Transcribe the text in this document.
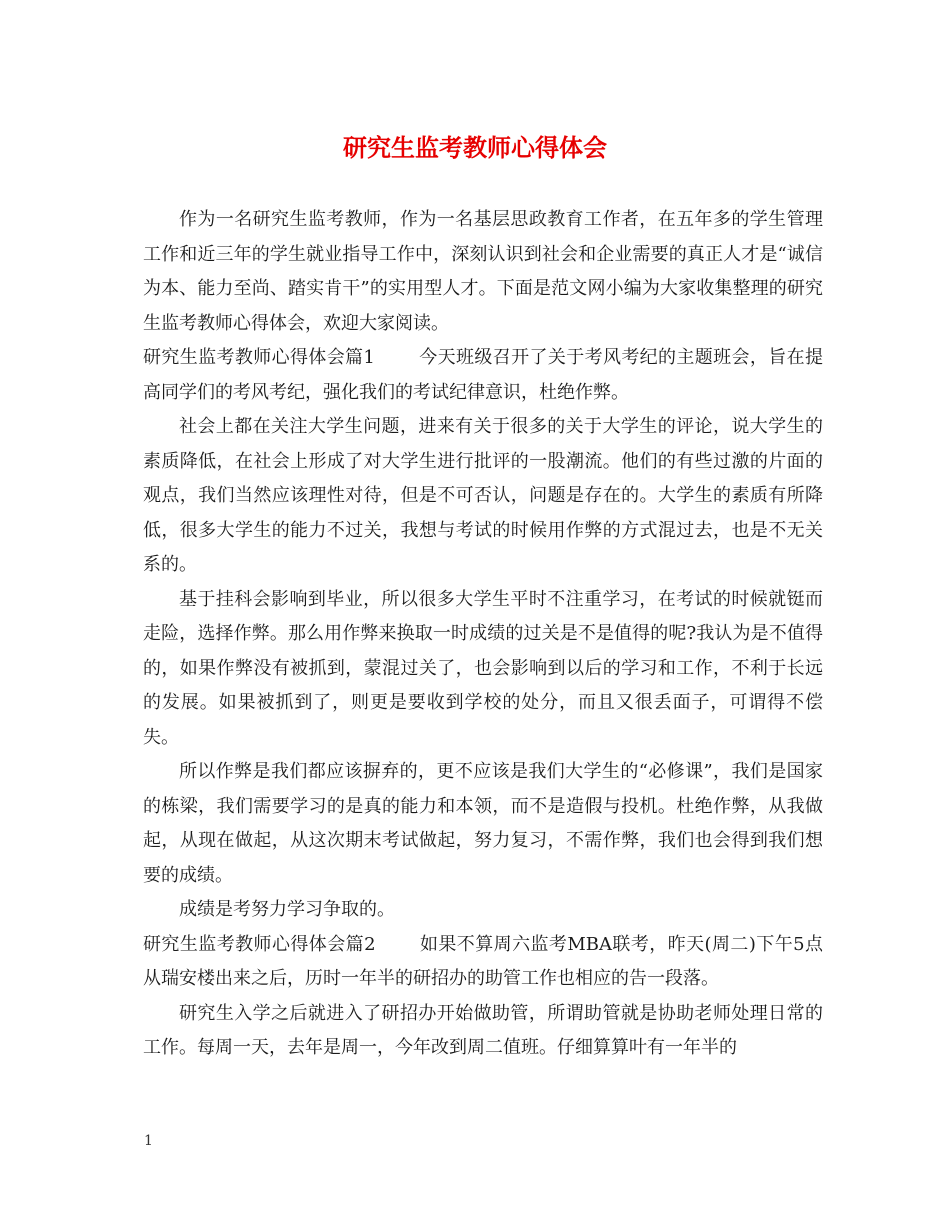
研究生监考教师心得体会

作为一名研究生监考教师，作为一名基层思政教育工作者，在五年多的学生管理工作和近三年的学生就业指导工作中，深刻认识到社会和企业需要的真正人才是“诚信为本、能力至尚、踏实肯干”的实用型人才。下面是范文网小编为大家收集整理的研究生监考教师心得体会，欢迎大家阅读。

研究生监考教师心得体会篇1 今天班级召开了关于考风考纪的主题班会，旨在提高同学们的考风考纪，强化我们的考试纪律意识，杜绝作弊。

社会上都在关注大学生问题，进来有关于很多的关于大学生的评论，说大学生的素质降低，在社会上形成了对大学生进行批评的一股潮流。他们的有些过激的片面的观点，我们当然应该理性对待，但是不可否认，问题是存在的。大学生的素质有所降低，很多大学生的能力不过关，我想与考试的时候用作弊的方式混过去，也是不无关系的。

基于挂科会影响到毕业，所以很多大学生平时不注重学习，在考试的时候就铤而走险，选择作弊。那么用作弊来换取一时成绩的过关是不是值得的呢?我认为是不值得的，如果作弊没有被抓到，蒙混过关了，也会影响到以后的学习和工作，不利于长远的发展。如果被抓到了，则更是要收到学校的处分，而且又很丢面子，可谓得不偿失。

所以作弊是我们都应该摒弃的，更不应该是我们大学生的“必修课”，我们是国家的栋梁，我们需要学习的是真的能力和本领，而不是造假与投机。杜绝作弊，从我做起，从现在做起，从这次期末考试做起，努力复习，不需作弊，我们也会得到我们想要的成绩。

成绩是考努力学习争取的。

研究生监考教师心得体会篇2 如果不算周六监考MBA联考，昨天(周二)下午5点从瑞安楼出来之后，历时一年半的研招办的助管工作也相应的告一段落。

研究生入学之后就进入了研招办开始做助管，所谓助管就是协助老师处理日常的工作。每周一天，去年是周一，今年改到周二值班。仔细算算叶有一年半的

1
